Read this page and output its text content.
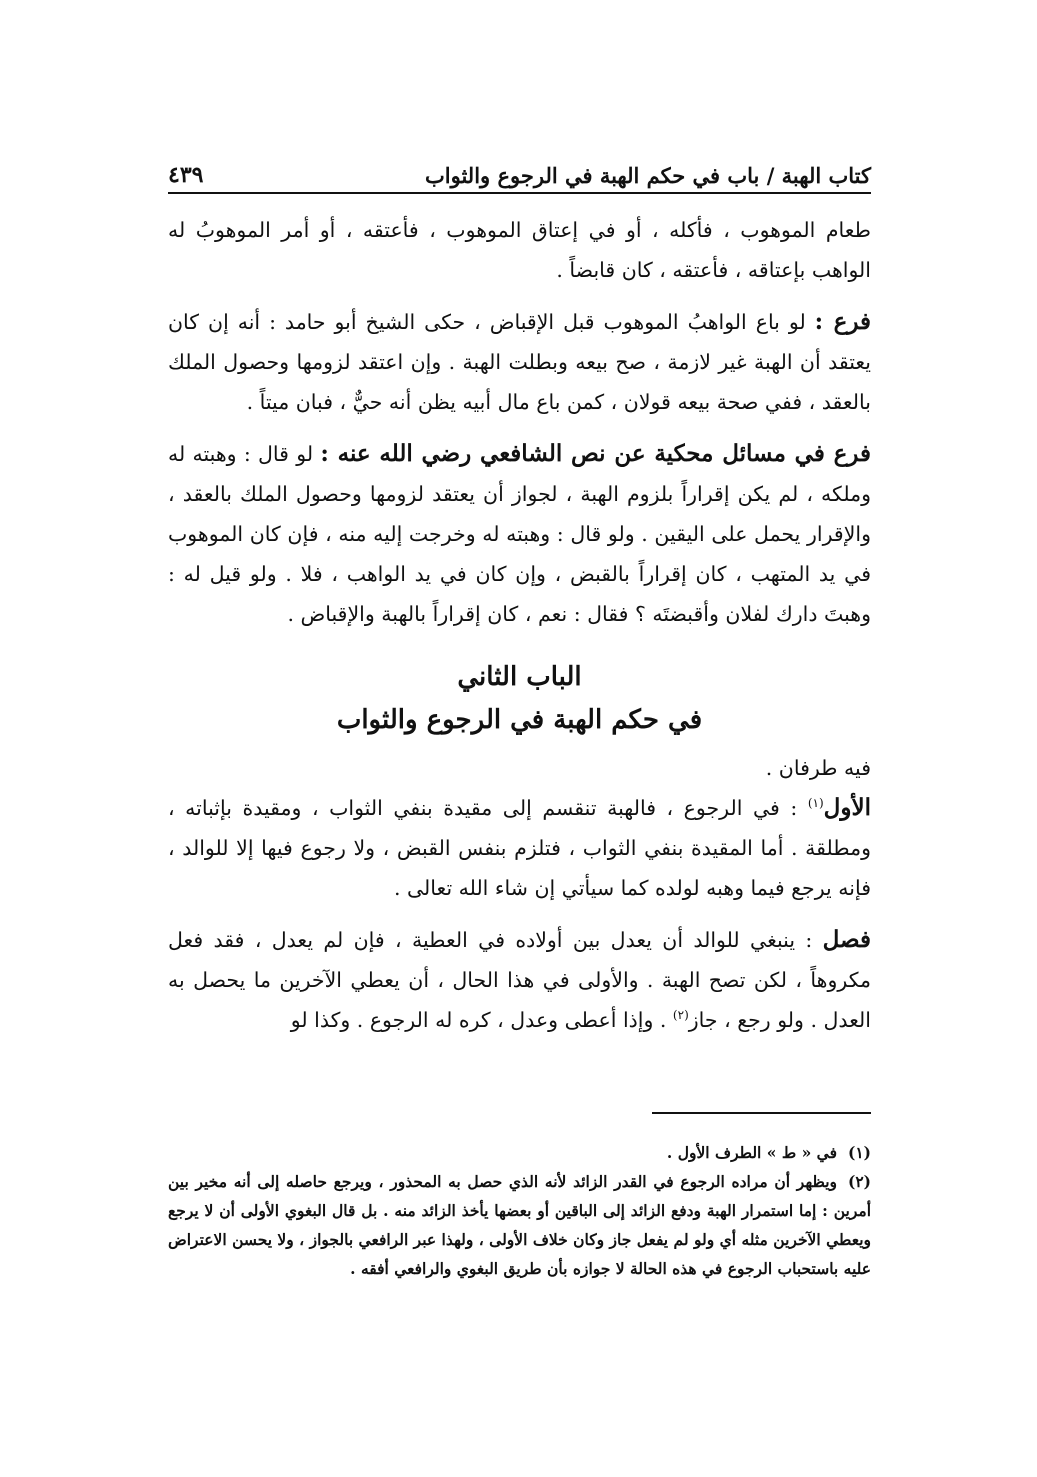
كتاب الهبة / باب في حكم الهبة في الرجوع والثواب
٤٣٩

طعام الموهوب ، فأكله ، أو في إعتاق الموهوب ، فأعتقه ، أو أمر الموهوبُ له الواهب بإعتاقه ، فأعتقه ، كان قابضاً .

فرع : لو باع الواهبُ الموهوب قبل الإقباض ، حكى الشيخ أبو حامد : أنه إن كان يعتقد أن الهبة غير لازمة ، صح بيعه وبطلت الهبة . وإن اعتقد لزومها وحصول الملك بالعقد ، ففي صحة بيعه قولان ، كمن باع مال أبيه يظن أنه حيٌّ ، فبان ميتاً .

فرع في مسائل محكية عن نص الشافعي رضي الله عنه : لو قال : وهبته له وملكه ، لم يكن إقراراً بلزوم الهبة ، لجواز أن يعتقد لزومها وحصول الملك بالعقد ، والإقرار يحمل على اليقين . ولو قال : وهبته له وخرجت إليه منه ، فإن كان الموهوب في يد المتهب ، كان إقراراً بالقبض ، وإن كان في يد الواهب ، فلا . ولو قيل له : وهبتَ دارك لفلان وأقبضتَه ؟ فقال : نعم ، كان إقراراً بالهبة والإقباض .

الباب الثاني
في حكم الهبة في الرجوع والثواب

فيه طرفان .

الأول$^{(١)}$ : في الرجوع ، فالهبة تنقسم إلى مقيدة بنفي الثواب ، ومقيدة بإثباته ، ومطلقة . أما المقيدة بنفي الثواب ، فتلزم بنفس القبض ، ولا رجوع فيها إلا للوالد ، فإنه يرجع فيما وهبه لولده كما سيأتي إن شاء الله تعالى .

فصل : ينبغي للوالد أن يعدل بين أولاده في العطية ، فإن لم يعدل ، فقد فعل مكروهاً ، لكن تصح الهبة . والأولى في هذا الحال ، أن يعطي الآخرين ما يحصل به العدل . ولو رجع ، جاز$^{(٢)}$ . وإذا أعطى وعدل ، كره له الرجوع . وكذا لو

(١)في « ط » الطرف الأول .

(٢)ويظهر أن مراده الرجوع في القدر الزائد لأنه الذي حصل به المحذور ، ويرجع حاصله إلى أنه مخير بين أمرين : إما استمرار الهبة ودفع الزائد إلى الباقين أو بعضها يأخذ الزائد منه . بل قال البغوي الأولى أن لا يرجع ويعطي الآخرين مثله أي ولو لم يفعل جاز وكان خلاف الأولى ، ولهذا عبر الرافعي بالجواز ، ولا يحسن الاعتراض عليه باستحباب الرجوع في هذه الحالة لا جوازه بأن طريق البغوي والرافعي أفقه .
